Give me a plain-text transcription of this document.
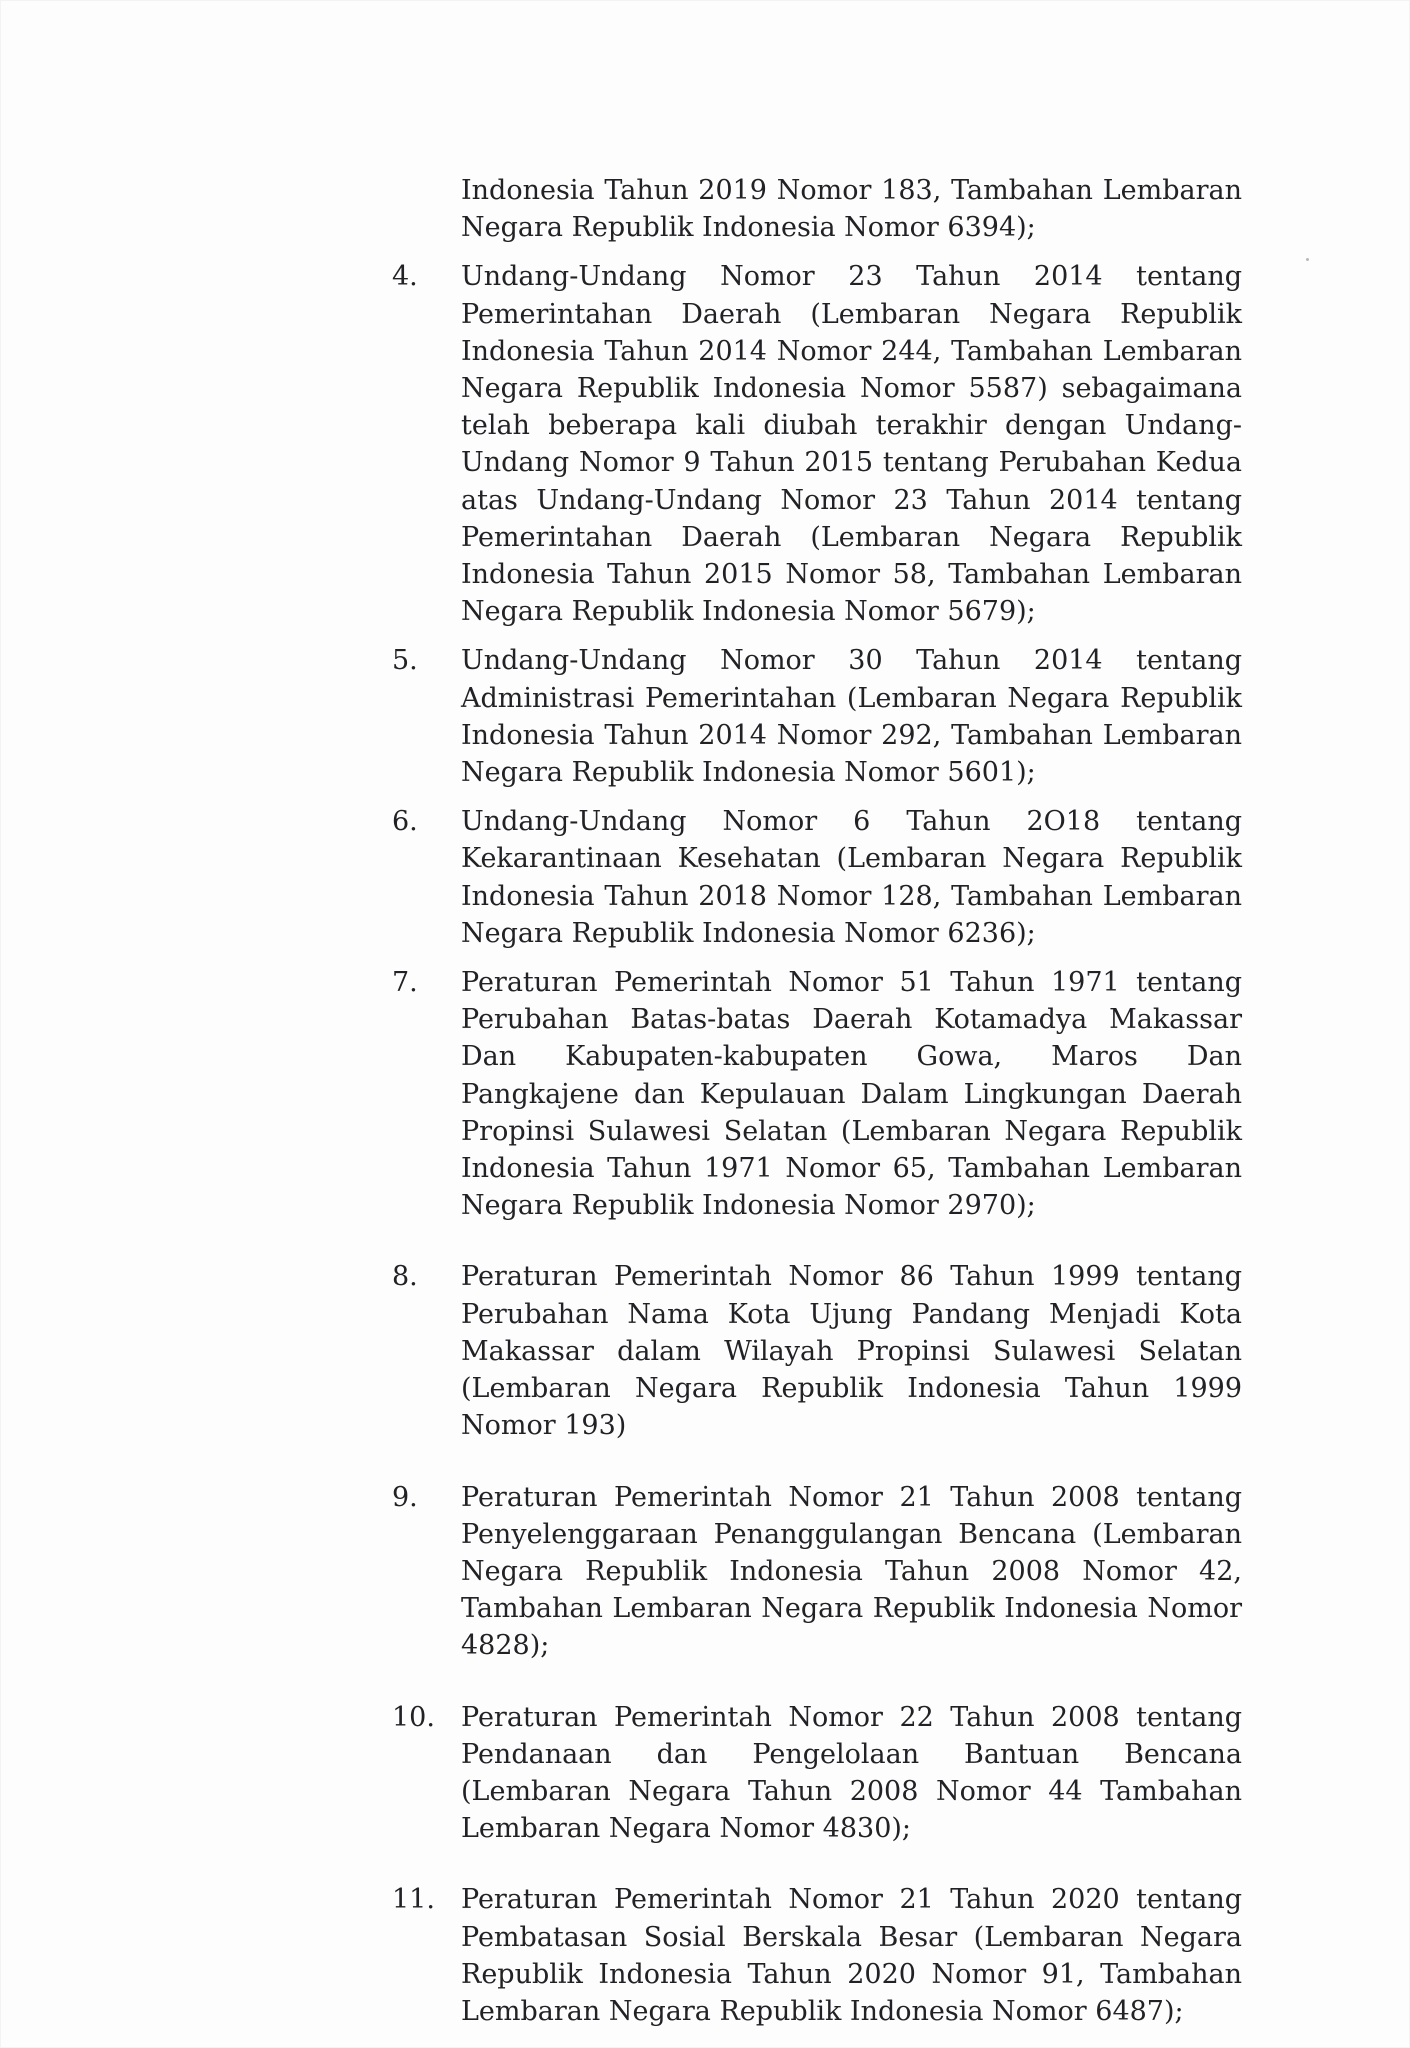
Indonesia Tahun 2019 Nomor 183, Tambahan Lembaran Negara Republik Indonesia Nomor 6394);
4.	Undang-Undang Nomor 23 Tahun 2014 tentang Pemerintahan Daerah (Lembaran Negara Republik Indonesia Tahun 2014 Nomor 244, Tambahan Lembaran Negara Republik Indonesia Nomor 5587) sebagaimana telah beberapa kali diubah terakhir dengan Undang-Undang Nomor 9 Tahun 2015 tentang Perubahan Kedua atas Undang-Undang Nomor 23 Tahun 2014 tentang Pemerintahan Daerah (Lembaran Negara Republik Indonesia Tahun 2015 Nomor 58, Tambahan Lembaran Negara Republik Indonesia Nomor 5679);
5.	Undang-Undang Nomor 30 Tahun 2014 tentang Administrasi Pemerintahan (Lembaran Negara Republik Indonesia Tahun 2014 Nomor 292, Tambahan Lembaran Negara Republik Indonesia Nomor 5601);
6.	Undang-Undang Nomor 6 Tahun 2O18 tentang Kekarantinaan Kesehatan (Lembaran Negara Republik Indonesia Tahun 2018 Nomor 128, Tambahan Lembaran Negara Republik Indonesia Nomor 6236);
7.	Peraturan Pemerintah Nomor 51 Tahun 1971 tentang Perubahan Batas-batas Daerah Kotamadya Makassar Dan Kabupaten-kabupaten Gowa, Maros Dan Pangkajene dan Kepulauan Dalam Lingkungan Daerah Propinsi Sulawesi Selatan (Lembaran Negara Republik Indonesia Tahun 1971 Nomor 65, Tambahan Lembaran Negara Republik Indonesia Nomor 2970);
8.	Peraturan Pemerintah Nomor 86 Tahun 1999 tentang Perubahan Nama Kota Ujung Pandang Menjadi Kota Makassar dalam Wilayah Propinsi Sulawesi Selatan (Lembaran Negara Republik Indonesia Tahun 1999 Nomor 193)
9.	Peraturan Pemerintah Nomor 21 Tahun 2008 tentang Penyelenggaraan Penanggulangan Bencana (Lembaran Negara Republik Indonesia Tahun 2008 Nomor 42, Tambahan Lembaran Negara Republik Indonesia Nomor 4828);
10. Peraturan Pemerintah Nomor 22 Tahun 2008 tentang Pendanaan dan Pengelolaan Bantuan Bencana (Lembaran Negara Tahun 2008 Nomor 44 Tambahan Lembaran Negara Nomor 4830);
11. Peraturan Pemerintah Nomor 21 Tahun 2020 tentang Pembatasan Sosial Berskala Besar (Lembaran Negara Republik Indonesia Tahun 2020 Nomor 91, Tambahan Lembaran Negara Republik Indonesia Nomor 6487);
